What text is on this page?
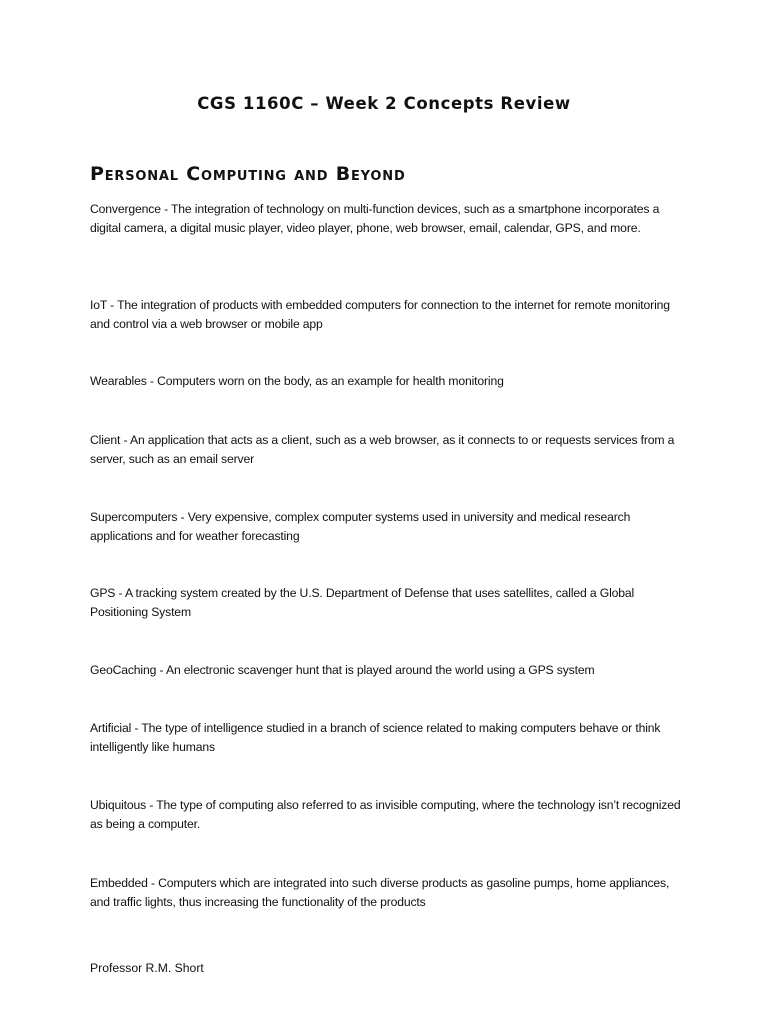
CGS 1160C – Week 2 Concepts Review
Personal Computing and Beyond

Convergence - The integration of technology on multi-function devices, such as a smartphone incorporates a digital camera, a digital music player, video player, phone, web browser, email, calendar, GPS, and more.

IoT - The integration of products with embedded computers for connection to the internet for remote monitoring and control via a web browser or mobile app

Wearables - Computers worn on the body, as an example for health monitoring

Client - An application that acts as a client, such as a web browser, as it connects to or requests services from a server, such as an email server

Supercomputers - Very expensive, complex computer systems used in university and medical research applications and for weather forecasting

GPS - A tracking system created by the U.S. Department of Defense that uses satellites, called a Global Positioning System

GeoCaching - An electronic scavenger hunt that is played around the world using a GPS system

Artificial - The type of intelligence studied in a branch of science related to making computers behave or think intelligently like humans

Ubiquitous - The type of computing also referred to as invisible computing, where the technology isn’t recognized as being a computer.

Embedded - Computers which are integrated into such diverse products as gasoline pumps, home appliances, and traffic lights, thus increasing the functionality of the products

Professor R.M. Short
